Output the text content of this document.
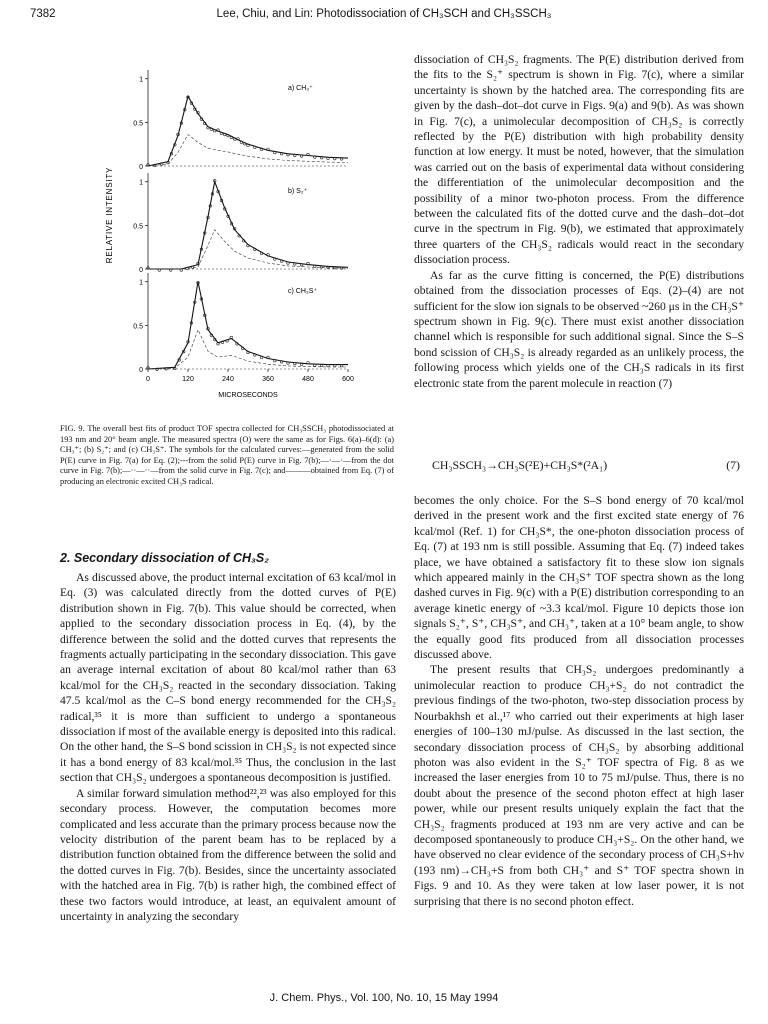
7382	Lee, Chiu, and Lin: Photodissociation of CH₃SCH and CH₃SSCH₃
RELATIVE INTENSITY
1
0.5
0
a) CH₃⁺
1
0.5
0
b) S₂⁺
1
0.5
0
c) CH₃S⁺
0	120	240	360	480	600
MICROSECONDS
FIG. 9. The overall best fits of product TOF spectra collected for CH₃SSCH₃ photodissociated at 193 nm and 20° beam angle. The measured spectra (O) were the same as for Figs. 6(a)–6(d): (a) CH₃⁺; (b) S₂⁺; and (c) CH₃S⁺. The symbols for the calculated curves:—generated from the solid P(E) curve in Fig. 7(a) for Eq. (2);---from the solid P(E) curve in Fig. 7(b);—·—·—from the dot curve in Fig. 7(b);—··—··—from the solid curve in Fig. 7(c); and———obtained from Eq. (7) of producing an electronic excited CH₃S radical.
2. Secondary dissociation of CH₃S₂

As discussed above, the product internal excitation of 63 kcal/mol in Eq. (3) was calculated directly from the dotted curves of P(E) distribution shown in Fig. 7(b). This value should be corrected, when applied to the secondary dissociation process in Eq. (4), by the difference between the solid and the dotted curves that represents the fragments actually participating in the secondary dissociation. This gave an average internal excitation of about 80 kcal/mol rather than 63 kcal/mol for the CH₃S₂ reacted in the secondary dissociation. Taking 47.5 kcal/mol as the C–S bond energy recommended for the CH₃S₂ radical,³⁵ it is more than sufficient to undergo a spontaneous dissociation if most of the available energy is deposited into this radical. On the other hand, the S–S bond scission in CH₃S₂ is not expected since it has a bond energy of 83 kcal/mol.³⁵ Thus, the conclusion in the last section that CH₃S₂ undergoes a spontaneous decomposition is justified.

A similar forward simulation method²²,²³ was also employed for this secondary process. However, the computation becomes more complicated and less accurate than the primary process because now the velocity distribution of the parent beam has to be replaced by a distribution function obtained from the difference between the solid and the dotted curves in Fig. 7(b). Besides, since the uncertainty associated with the hatched area in Fig. 7(b) is rather high, the combined effect of these two factors would introduce, at least, an equivalent amount of uncertainty in analyzing the secondary

dissociation of CH₃S₂ fragments. The P(E) distribution derived from the fits to the S₂⁺ spectrum is shown in Fig. 7(c), where a similar uncertainty is shown by the hatched area. The corresponding fits are given by the dash–dot–dot curve in Figs. 9(a) and 9(b). As was shown in Fig. 7(c), a unimolecular decomposition of CH₃S₂ is correctly reflected by the P(E) distribution with high probability density function at low energy. It must be noted, however, that the simulation was carried out on the basis of experimental data without considering the differentiation of the unimolecular decomposition and the possibility of a minor two-photon process. From the difference between the calculated fits of the dotted curve and the dash–dot–dot curve in the spectrum in Fig. 9(b), we estimated that approximately three quarters of the CH₃S₂ radicals would react in the secondary dissociation process.

As far as the curve fitting is concerned, the P(E) distributions obtained from the dissociation processes of Eqs. (2)–(4) are not sufficient for the slow ion signals to be observed ~260 μs in the CH₃S⁺ spectrum shown in Fig. 9(c). There must exist another dissociation channel which is responsible for such additional signal. Since the S–S bond scission of CH₃S₂ is already regarded as an unlikely process, the following process which yields one of the CH₃S radicals in its first electronic state from the parent molecule in reaction (7)

CH₃SSCH₃→CH₃S(²E)+CH₃S*(²A₁)	(7)

becomes the only choice. For the S–S bond energy of 70 kcal/mol derived in the present work and the first excited state energy of 76 kcal/mol (Ref. 1) for CH₃S*, the one-photon dissociation process of Eq. (7) at 193 nm is still possible. Assuming that Eq. (7) indeed takes place, we have obtained a satisfactory fit to these slow ion signals which appeared mainly in the CH₃S⁺ TOF spectra shown as the long dashed curves in Fig. 9(c) with a P(E) distribution corresponding to an average kinetic energy of ~3.3 kcal/mol. Figure 10 depicts those ion signals S₂⁺, S⁺, CH₃S⁺, and CH₃⁺, taken at a 10° beam angle, to show the equally good fits produced from all dissociation processes discussed above.

The present results that CH₃S₂ undergoes predominantly a unimolecular reaction to produce CH₃+S₂ do not contradict the previous findings of the two-photon, two-step dissociation process by Nourbakhsh et al.,¹⁷ who carried out their experiments at high laser energies of 100–130 mJ/pulse. As discussed in the last section, the secondary dissociation process of CH₃S₂ by absorbing additional photon was also evident in the S₂⁺ TOF spectra of Fig. 8 as we increased the laser energies from 10 to 75 mJ/pulse. Thus, there is no doubt about the presence of the second photon effect at high laser power, while our present results uniquely explain the fact that the CH₃S₂ fragments produced at 193 nm are very active and can be decomposed spontaneously to produce CH₃+S₂. On the other hand, we have observed no clear evidence of the secondary process of CH₃S+hν (193 nm)→CH₃+S from both CH₃⁺ and S⁺ TOF spectra shown in Figs. 9 and 10. As they were taken at low laser power, it is not surprising that there is no second photon effect.

J. Chem. Phys., Vol. 100, No. 10, 15 May 1994
